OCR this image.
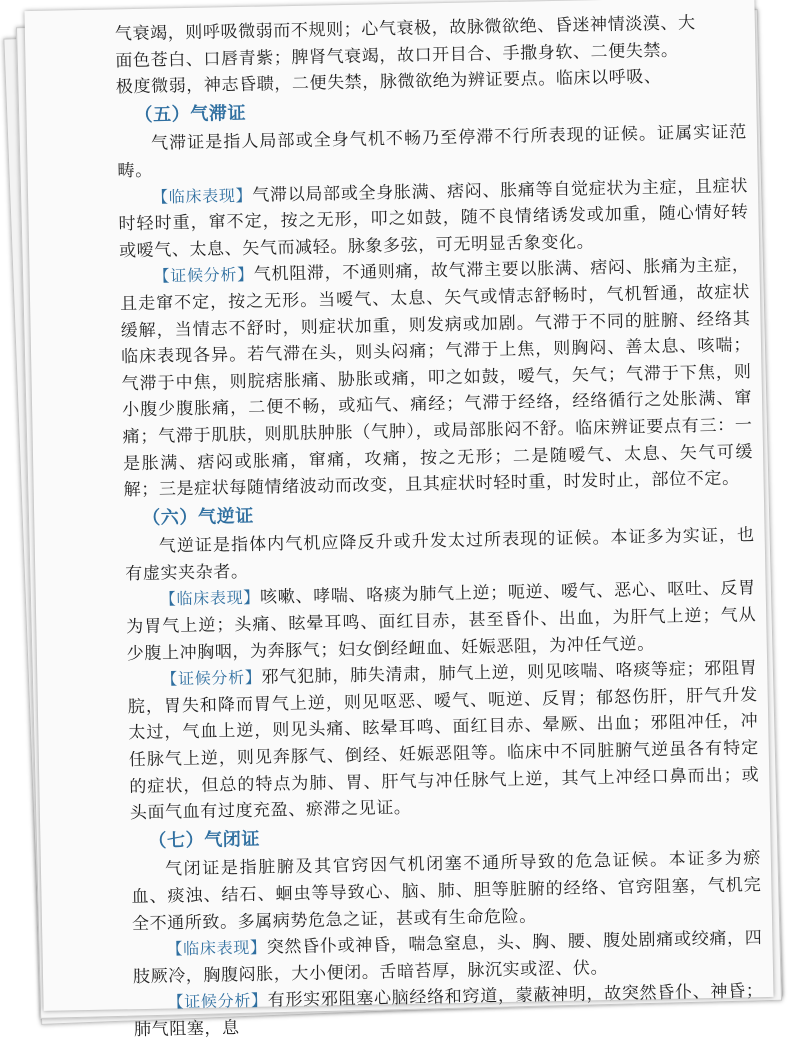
气衰竭，则呼吸微弱而不规则；心气衰极，故脉微欲绝、昏迷神情淡漠、大

面色苍白、口唇青紫；脾肾气衰竭，故口开目合、手撒身软、二便失禁。

极度微弱，神志昏聩，二便失禁，脉微欲绝为辨证要点。临床以呼吸、

（五）气滞证

气滞证是指人局部或全身气机不畅乃至停滞不行所表现的证候。证属实证范畴。

【临床表现】气滞以局部或全身胀满、痞闷、胀痛等自觉症状为主症，且症状时轻时重，窜不定，按之无形，叩之如鼓，随不良情绪诱发或加重，随心情好转或嗳气、太息、矢气而减轻。脉象多弦，可无明显舌象变化。

【证候分析】气机阻滞，不通则痛，故气滞主要以胀满、痞闷、胀痛为主症，且走窜不定，按之无形。当嗳气、太息、矢气或情志舒畅时，气机暂通，故症状缓解，当情志不舒时，则症状加重，则发病或加剧。气滞于不同的脏腑、经络其临床表现各异。若气滞在头，则头闷痛；气滞于上焦，则胸闷、善太息、咳喘；气滞于中焦，则脘痞胀痛、胁胀或痛，叩之如鼓，嗳气，矢气；气滞于下焦，则小腹少腹胀痛，二便不畅，或疝气、痛经；气滞于经络，经络循行之处胀满、窜痛；气滞于肌肤，则肌肤肿胀（气肿），或局部胀闷不舒。临床辨证要点有三：一是胀满、痞闷或胀痛，窜痛，攻痛，按之无形；二是随嗳气、太息、矢气可缓解；三是症状每随情绪波动而改变，且其症状时轻时重，时发时止，部位不定。

（六）气逆证

气逆证是指体内气机应降反升或升发太过所表现的证候。本证多为实证，也有虚实夹杂者。

【临床表现】咳嗽、哮喘、咯痰为肺气上逆；呃逆、嗳气、恶心、呕吐、反胃为胃气上逆；头痛、眩晕耳鸣、面红目赤，甚至昏仆、出血，为肝气上逆；气从少腹上冲胸咽，为奔豚气；妇女倒经衄血、妊娠恶阻，为冲任气逆。

【证候分析】邪气犯肺，肺失清肃，肺气上逆，则见咳喘、咯痰等症；邪阻胃脘，胃失和降而胃气上逆，则见呕恶、嗳气、呃逆、反胃；郁怒伤肝，肝气升发太过，气血上逆，则见头痛、眩晕耳鸣、面红目赤、晕厥、出血；邪阻冲任，冲任脉气上逆，则见奔豚气、倒经、妊娠恶阻等。临床中不同脏腑气逆虽各有特定的症状，但总的特点为肺、胃、肝气与冲任脉气上逆，其气上冲经口鼻而出；或头面气血有过度充盈、瘀滞之见证。

（七）气闭证

气闭证是指脏腑及其官窍因气机闭塞不通所导致的危急证候。本证多为瘀血、痰浊、结石、蛔虫等导致心、脑、肺、胆等脏腑的经络、官窍阻塞，气机完全不通所致。多属病势危急之证，甚或有生命危险。

【临床表现】突然昏仆或神昏，喘急窒息，头、胸、腰、腹处剧痛或绞痛，四肢厥冷，胸腹闷胀，大小便闭。舌暗苔厚，脉沉实或涩、伏。

【证候分析】有形实邪阻塞心脑经络和窍道，蒙蔽神明，故突然昏仆、神昏；肺气阻塞，息
